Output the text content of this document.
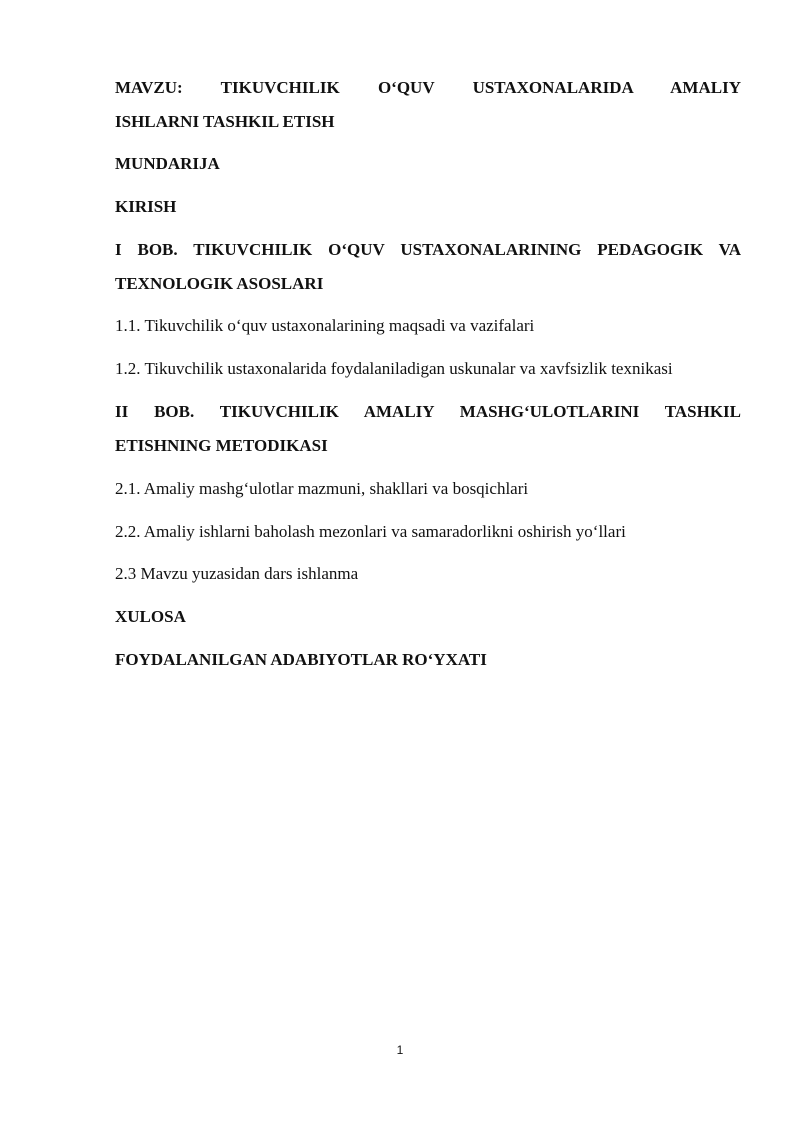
MAVZU: TIKUVCHILIK O‘QUV USTAXONALARIDA AMALIY

ISHLARNI TASHKIL ETISH

MUNDARIJA

KIRISH

I BOB. TIKUVCHILIK O‘QUV USTAXONALARINING PEDAGOGIK VA

TEXNOLOGIK ASOSLARI

1.1. Tikuvchilik o‘quv ustaxonalarining maqsadi va vazifalari

1.2. Tikuvchilik ustaxonalarida foydalaniladigan uskunalar va xavfsizlik texnikasi

II BOB. TIKUVCHILIK AMALIY MASHG‘ULOTLARINI TASHKIL

ETISHNING METODIKASI

2.1. Amaliy mashg‘ulotlar mazmuni, shakllari va bosqichlari

2.2. Amaliy ishlarni baholash mezonlari va samaradorlikni oshirish yo‘llari

2.3 Mavzu yuzasidan dars ishlanma

XULOSA

FOYDALANILGAN ADABIYOTLAR RO‘YXATI

1
